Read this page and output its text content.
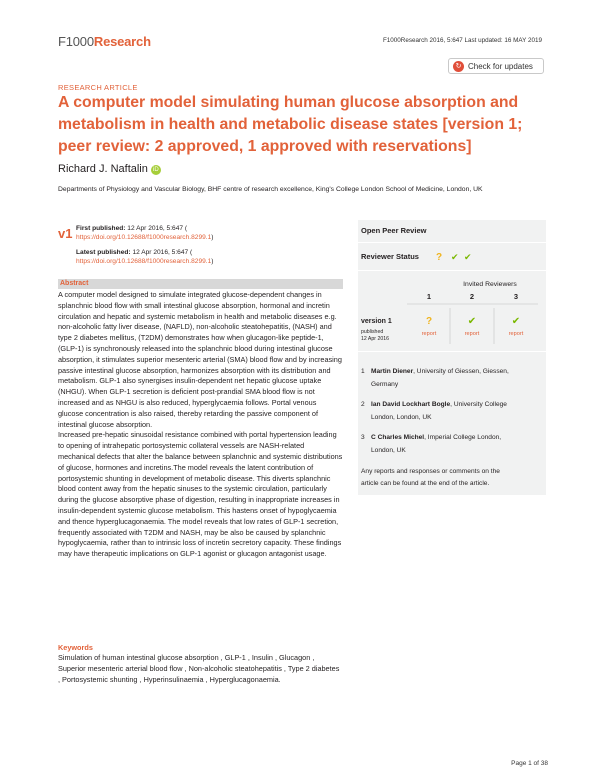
F1000Research	F1000Research 2016, 5:647 Last updated: 16 MAY 2019
↻ Check for updates
RESEARCH ARTICLE
A computer model simulating human glucose absorption and metabolism in health and metabolic disease states [version 1; peer review: 2 approved, 1 approved with reservations]
Richard J. Naftalin iD
Departments of Physiology and Vascular Biology, BHF centre of research excellence, King's College London School of Medicine, London, UK
v1 First published: 12 Apr 2016, 5:647 (
https://doi.org/10.12688/f1000research.8299.1)
Latest published: 12 Apr 2016, 5:647 (
https://doi.org/10.12688/f1000research.8299.1)
Abstract
A computer model designed to simulate integrated glucose-dependent changes in splanchnic blood flow with small intestinal glucose absorption, hormonal and incretin circulation and hepatic and systemic metabolism in health and metabolic diseases e.g. non-alcoholic fatty liver disease, (NAFLD), non-alcoholic steatohepatitis, (NASH) and type 2 diabetes mellitus, (T2DM) demonstrates how when glucagon-like peptide-1, (GLP-1) is synchronously released into the splanchnic blood during intestinal glucose absorption, it stimulates superior mesenteric arterial (SMA) blood flow and by increasing passive intestinal glucose absorption, harmonizes absorption with its distribution and metabolism. GLP-1 also synergises insulin-dependent net hepatic glucose uptake (NHGU). When GLP-1 secretion is deficient post-prandial SMA blood flow is not increased and as NHGU is also reduced, hyperglycaemia follows. Portal venous glucose concentration is also raised, thereby retarding the passive component of intestinal glucose absorption.
Increased pre-hepatic sinusoidal resistance combined with portal hypertension leading to opening of intrahepatic portosystemic collateral vessels are NASH-related mechanical defects that alter the balance between splanchnic and systemic distributions of glucose, hormones and incretins.The model reveals the latent contribution of portosystemic shunting in development of metabolic disease. This diverts splanchnic blood content away from the hepatic sinuses to the systemic circulation, particularly during the glucose absorptive phase of digestion, resulting in inappropriate increases in insulin-dependent systemic glucose metabolism. This hastens onset of hypoglycaemia and thence hyperglucagonaemia. The model reveals that low rates of GLP-1 secretion, frequently associated with T2DM and NASH, may be also be caused by splanchnic hypoglycaemia, rather than to intrinsic loss of incretin secretory capacity. These findings may have therapeutic implications on GLP-1 agonist or glucagon antagonist usage.
Keywords
Simulation of human intestinal glucose absorption , GLP-1 , Insulin , Glucagon , Superior mesenteric arterial blood flow , Non-alcoholic steatohepatitis , Type 2 diabetes , Portosystemic shunting , Hyperinsulinaemia , Hyperglucagonaemia.
Open Peer Review
Reviewer Status ? ✔ ✔
Invited Reviewers
1	2	3
version 1
published
12 Apr 2016
?	✔	✔
report	report	report
1 Martin Diener, University of Giessen, Giessen,
Germany
2 Ian David Lockhart Bogle, University College
London, London, UK
3 C Charles Michel, Imperial College London,
London, UK
Any reports and responses or comments on the
article can be found at the end of the article.
Page 1 of 38
